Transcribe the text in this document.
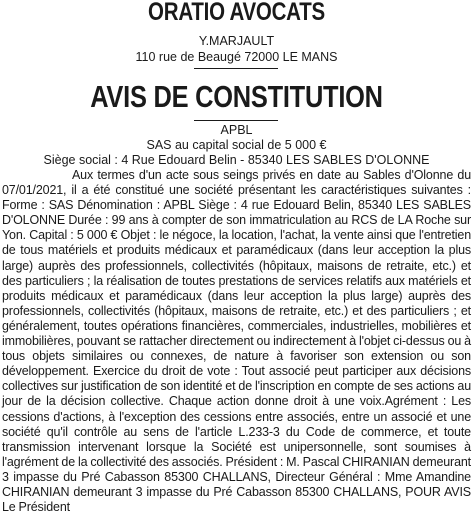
ORATIO AVOCATS
Y.MARJAULT
110 rue de Beaugé 72000 LE MANS
AVIS DE CONSTITUTION
APBL
SAS au capital social de 5 000 €
Siège social : 4 Rue Edouard Belin - 85340 LES SABLES D'OLONNE

Aux termes d'un acte sous seings privés en date au Sables d'Olonne du 07/01/2021, il a été constitué une société présentant les caractéristiques suivantes : Forme : SAS Dénomination : APBL Siège : 4 rue Edouard Belin, 85340 LES SABLES D'OLONNE Durée : 99 ans à compter de son immatriculation au RCS de LA Roche sur Yon. Capital : 5 000 € Objet : le négoce, la location, l'achat, la vente ainsi que l'entretien de tous matériels et produits médicaux et paramédicaux (dans leur acception la plus large) auprès des professionnels, collectivités (hôpitaux, maisons de retraite, etc.) et des particuliers ; la réalisation de toutes prestations de services relatifs aux matériels et produits médicaux et paramédicaux (dans leur acception la plus large) auprès des professionnels, collectivités (hôpitaux, maisons de retraite, etc.) et des particuliers ; et généralement, toutes opérations financières, commerciales, industrielles, mobilières et immobilières, pouvant se rattacher directement ou indirectement à l'objet ci-dessus ou à tous objets similaires ou connexes, de nature à favoriser son extension ou son développement. Exercice du droit de vote : Tout associé peut participer aux décisions collectives sur justification de son identité et de l'inscription en compte de ses actions au jour de la décision collective. Chaque action donne droit à une voix.Agrément : Les cessions d'actions, à l'exception des cessions entre associés, entre un associé et une société qu'il contrôle au sens de l'article L.233-3 du Code de commerce, et toute transmission intervenant lorsque la Société est unipersonnelle, sont soumises à l'agrément de la collectivité des associés. Président : M. Pascal CHIRANIAN demeurant 3 impasse du Pré Cabasson 85300 CHALLANS, Directeur Général : Mme Amandine CHIRANIAN demeurant 3 impasse du Pré Cabasson 85300 CHALLANS, POUR AVIS Le Président
